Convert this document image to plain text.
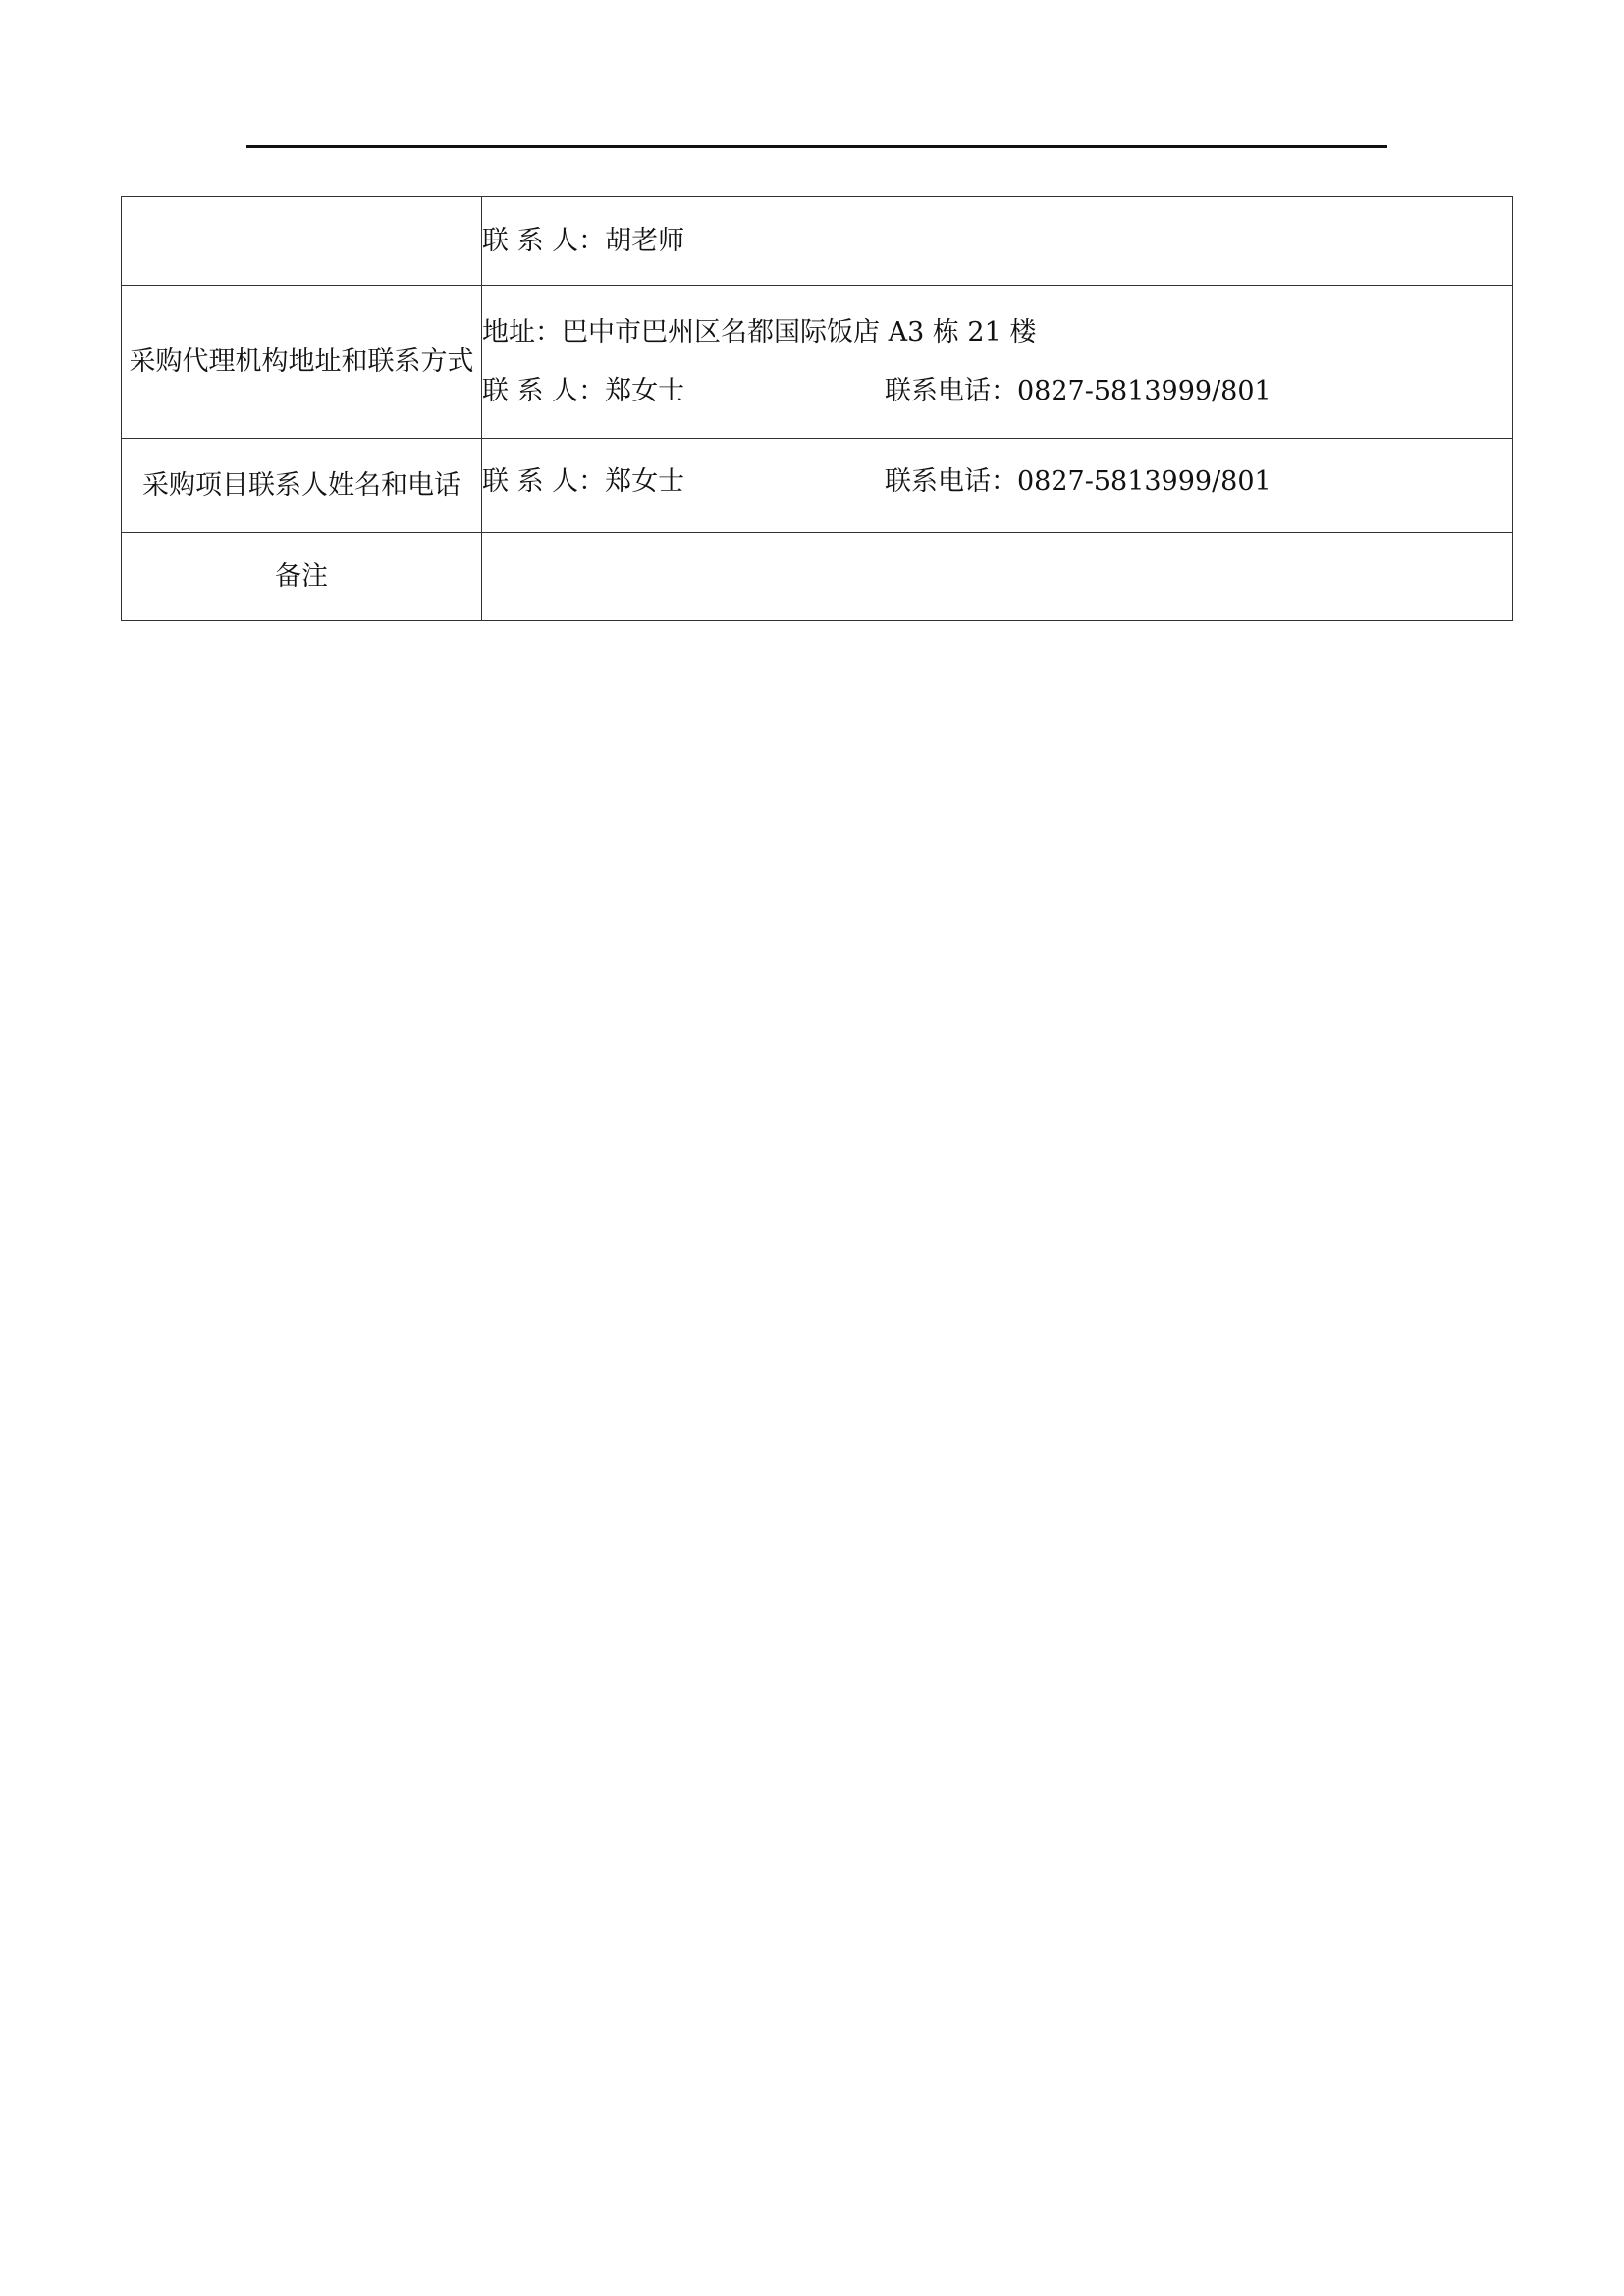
	联 系 人： 胡老师

采购代理机构地址和联系方式	地址：巴中市巴州区名都国际饭店 A3 栋 21 楼
联 系 人：郑女士 联系电话： 0827-5813999/801

采购项目联系人姓名和电话	联 系 人：郑女士 联系电话： 0827-5813999/801

备注	
